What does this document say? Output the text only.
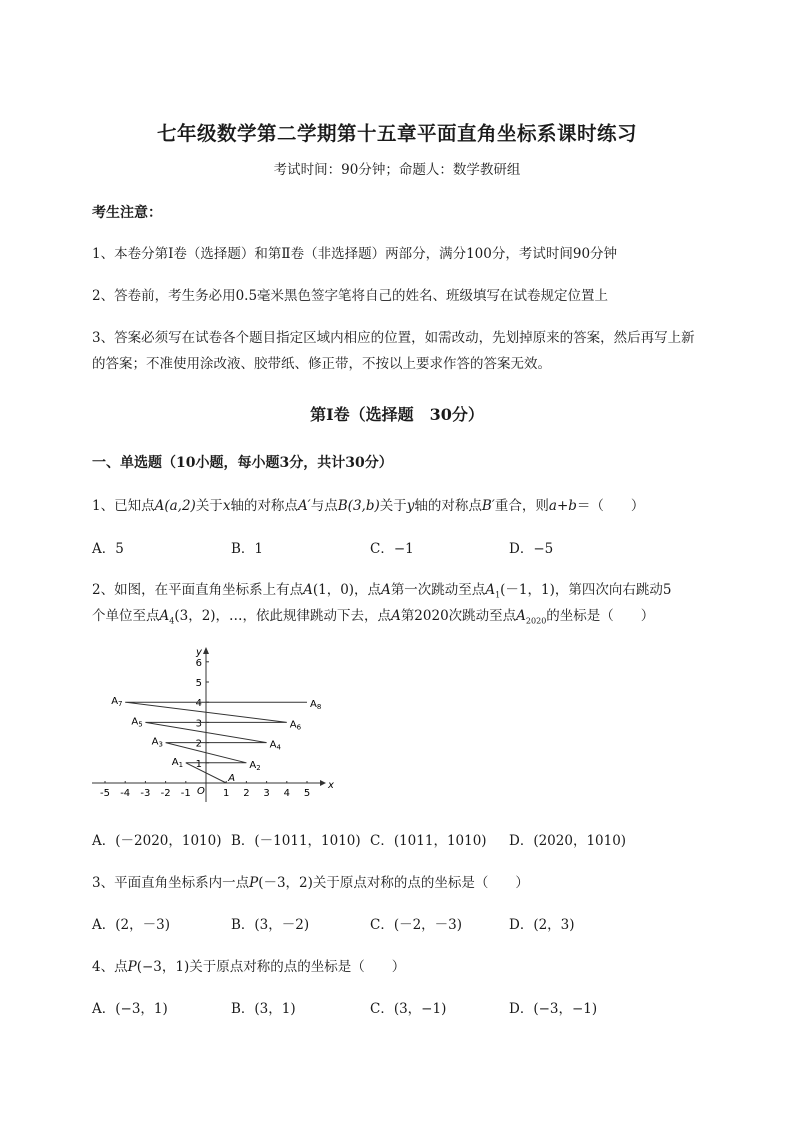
七年级数学第二学期第十五章平面直角坐标系课时练习
考试时间：90分钟；命题人：数学教研组
考生注意：
1、本卷分第I卷（选择题）和第Ⅱ卷（非选择题）两部分，满分100分，考试时间90分钟
2、答卷前，考生务必用0.5毫米黑色签字笔将自己的姓名、班级填写在试卷规定位置上
3、答案必须写在试卷各个题目指定区域内相应的位置，如需改动，先划掉原来的答案，然后再写上新
的答案；不准使用涂改液、胶带纸、修正带，不按以上要求作答的答案无效。
第I卷（选择题　30分）
一、单选题（10小题，每小题3分，共计30分）
1、已知点A(a,2)关于x轴的对称点A′与点B(3,b)关于y轴的对称点B′重合，则a+b＝（　　）
A．5	B．1	C．−1	D．−5
2、如图，在平面直角坐标系上有点A(1，0)，点A第一次跳动至点$A_1(-1$，1)，第四次向右跳动5
个单位至点$A_4(3$，2)，…，依此规律跳动下去，点A第2020次跳动至点$A_{2020}$的坐标是（　　）
x
y
O
-5 -4 -3 -2 -1	1 2 3 4 5
1
2
3
4
5
6
A
$A_1$	$A_2$
$A_3$	$A_4$
$A_5$	$A_6$
$A_7$	$A_8$
A．(－2020，1010) B．(－1011，1010) C．(1011，1010) D．(2020，1010)
3、平面直角坐标系内一点P(－3，2)关于原点对称的点的坐标是（　　）
A．(2，－3)	B．(3，－2)	C．(－2，－3)	D．(2，3)
4、点P(−3，1)关于原点对称的点的坐标是（　　）
A．(−3，1)	B．(3，1)	C．(3，−1)	D．(−3，−1)
